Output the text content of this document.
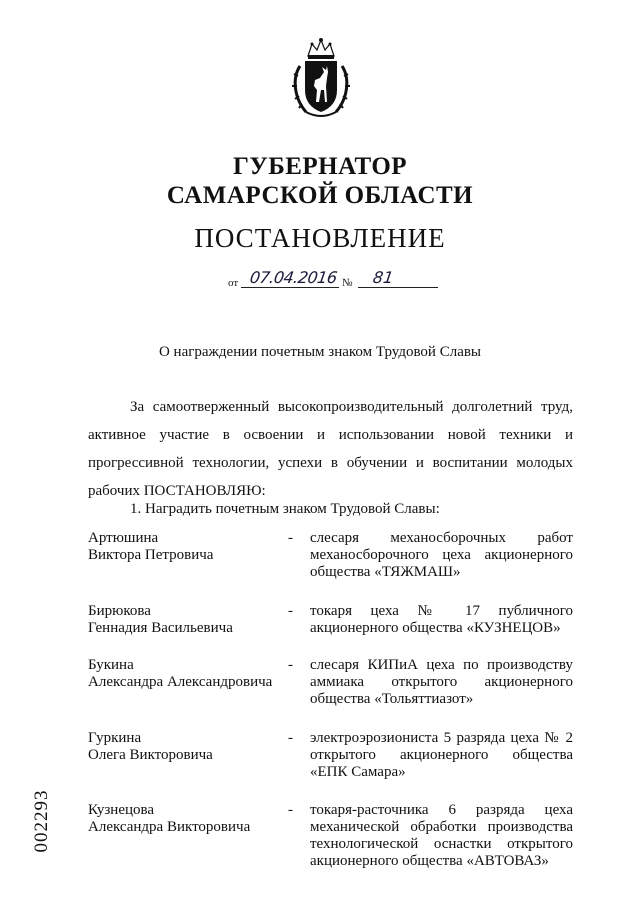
ГУБЕРНАТОР
САМАРСКОЙ ОБЛАСТИ
ПОСТАНОВЛЕНИЕ
от 07.04.2016 № 81
О награждении почетным знаком Трудовой Славы
За самоотверженный высокопроизводительный долголетний труд, активное участие в освоении и использовании новой техники и прогрессивной технологии, успехи в обучении и воспитании молодых рабочих ПОСТАНОВЛЯЮ:
1. Наградить почетным знаком Трудовой Славы:
Артюшина
Виктора Петровича
- слесаря механосборочных работ механосборочного цеха акционерного общества «ТЯЖМАШ»
Бирюкова
Геннадия Васильевича
- токаря цеха № 17 публичного акционерного общества «КУЗНЕЦОВ»
Букина
Александра Александровича
- слесаря КИПиА цеха по производству аммиака открытого акционерного общества «Тольяттиазот»
Гуркина
Олега Викторовича
- электроэрозиониста 5 разряда цеха № 2 открытого акционерного общества «ЕПК Самара»
Кузнецова
Александра Викторовича
- токаря-расточника 6 разряда цеха механической обработки производства технологической оснастки открытого акционерного общества «АВТОВАЗ»
002293
